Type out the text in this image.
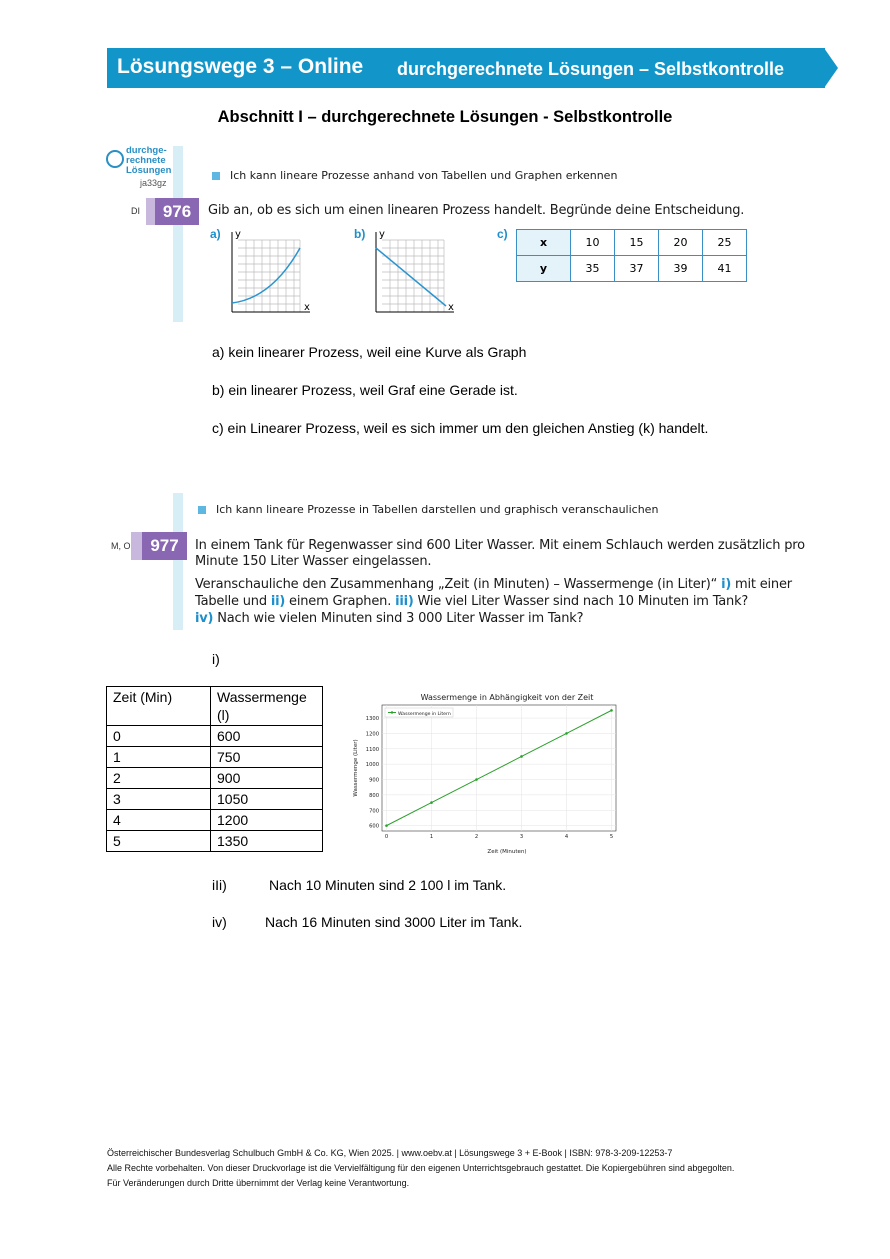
Lösungswege 3 – Online durchgerechnete Lösungen – Selbstkontrolle
Abschnitt I – durchgerechnete Lösungen - Selbstkontrolle
durchge-
rechnete
Lösungen
ja33gz
DI	976
Ich kann lineare Prozesse anhand von Tabellen und Graphen erkennen
Gib an, ob es sich um einen linearen Prozess handelt. Begründe deine Entscheidung.
a)	b)	c)
y
x
y
x
x	10	15	20	25
y	35	37	39	41
a) kein linearer Prozess, weil eine Kurve als Graph
b) ein linearer Prozess, weil Graf eine Gerade ist.
c) ein Linearer Prozess, weil es sich immer um den gleichen Anstieg (k) handelt.
Ich kann lineare Prozesse in Tabellen darstellen und graphisch veranschaulichen
M, O	977	In einem Tank für Regenwasser sind 600 Liter Wasser. Mit einem Schlauch werden zusätzlich pro
Minute 150 Liter Wasser eingelassen.
Veranschauliche den Zusammenhang „Zeit (in Minuten) – Wassermenge (in Liter)“ i) mit einer
Tabelle und ii) einem Graphen. iii) Wie viel Liter Wasser sind nach 10 Minuten im Tank?
iv) Nach wie vielen Minuten sind 3 000 Liter Wasser im Tank?
i)
Zeit (Min)	Wassermenge (l)
0	600
1	750
2	900
3	1050
4	1200
5	1350
Wassermenge in Abhängigkeit von der Zeit
600
700
800
900
1000
1100
1200
1300
0	1	2	3	4	5
Wassermenge in Litern
Zeit (Minuten)
Wassermenge (Liter)
iIi)	Nach 10 Minuten sind 2 100 l im Tank.
iv)	Nach 16 Minuten sind 3000 Liter im Tank.
Österreichischer Bundesverlag Schulbuch GmbH & Co. KG, Wien 2025. | www.oebv.at | Lösungswege 3 + E-Book | ISBN: 978-3-209-12253-7
Alle Rechte vorbehalten. Von dieser Druckvorlage ist die Vervielfältigung für den eigenen Unterrichtsgebrauch gestattet. Die Kopiergebühren sind abgegolten.
Für Veränderungen durch Dritte übernimmt der Verlag keine Verantwortung.
